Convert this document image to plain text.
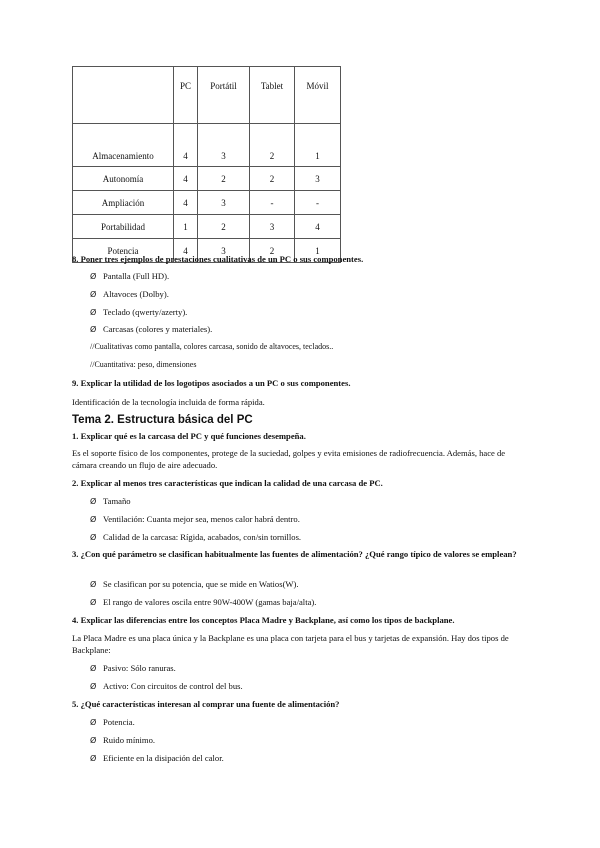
	PC	Portátil	Tablet	Móvil
Almacenamiento	4	3	2	1
Autonomía	4	2	2	3
Ampliación	4	3	-	-
Portabilidad	1	2	3	4
Potencia	4	3	2	1
8. Poner tres ejemplos de prestaciones cualitativas de un PC o sus componentes.
Ø Pantalla (Full HD).
Ø Altavoces (Dolby).
Ø Teclado (qwerty/azerty).
Ø Carcasas (colores y materiales).
//Cualitativas como pantalla, colores carcasa, sonido de altavoces, teclados..
//Cuantitativa: peso, dimensiones
9. Explicar la utilidad de los logotipos asociados a un PC o sus componentes.
Identificación de la tecnología incluida de forma rápida.
Tema 2. Estructura básica del PC
1. Explicar qué es la carcasa del PC y qué funciones desempeña.
Es el soporte físico de los componentes, protege de la suciedad, golpes y evita emisiones de radiofrecuencia. Además, hace de cámara creando un flujo de aire adecuado.
2. Explicar al menos tres características que indican la calidad de una carcasa de PC.
Ø Tamaño
Ø Ventilación: Cuanta mejor sea, menos calor habrá dentro.
Ø Calidad de la carcasa: Rígida, acabados, con/sin tornillos.
3. ¿Con qué parámetro se clasifican habitualmente las fuentes de alimentación? ¿Qué rango típico de valores se emplean?
Ø Se clasifican por su potencia, que se mide en Watios(W).
Ø El rango de valores oscila entre 90W-400W (gamas baja/alta).
4. Explicar las diferencias entre los conceptos Placa Madre y Backplane, así como los tipos de backplane.
La Placa Madre es una placa única y la Backplane es una placa con tarjeta para el bus y tarjetas de expansión. Hay dos tipos de Backplane:
Ø Pasivo: Sólo ranuras.
Ø Activo: Con circuitos de control del bus.
5. ¿Qué características interesan al comprar una fuente de alimentación?
Ø Potencia.
Ø Ruido mínimo.
Ø Eficiente en la disipación del calor.
